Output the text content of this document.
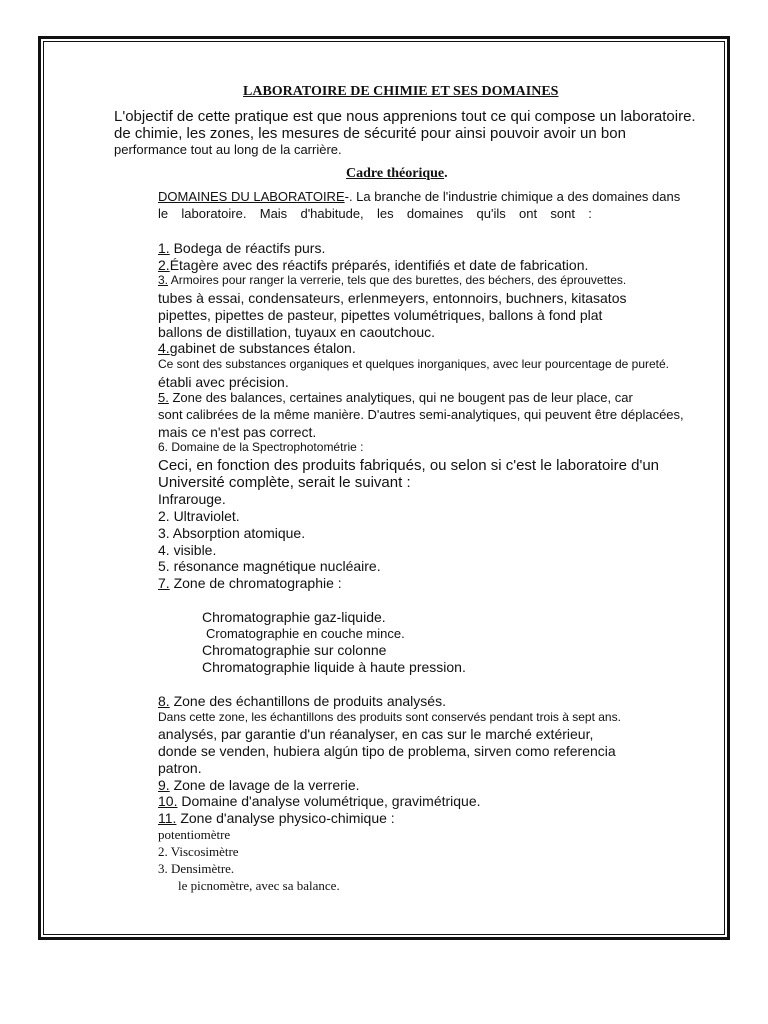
LABORATOIRE DE CHIMIE ET SES DOMAINES
L'objectif de cette pratique est que nous apprenions tout ce qui compose un laboratoire.
de chimie, les zones, les mesures de sécurité pour ainsi pouvoir avoir un bon
performance tout au long de la carrière.
Cadre théorique.
DOMAINES DU LABORATOIRE-. La branche de l'industrie chimique a des domaines dans
le laboratoire. Mais d'habitude, les domaines qu'ils ont sont :
1. Bodega de réactifs purs.
2.Étagère avec des réactifs préparés, identifiés et date de fabrication.
3. Armoires pour ranger la verrerie, tels que des burettes, des béchers, des éprouvettes.
tubes à essai, condensateurs, erlenmeyers, entonnoirs, buchners, kitasatos
pipettes, pipettes de pasteur, pipettes volumétriques, ballons à fond plat
ballons de distillation, tuyaux en caoutchouc.
4.gabinet de substances étalon.
Ce sont des substances organiques et quelques inorganiques, avec leur pourcentage de pureté.
établi avec précision.
5. Zone des balances, certaines analytiques, qui ne bougent pas de leur place, car
sont calibrées de la même manière. D'autres semi-analytiques, qui peuvent être déplacées,
mais ce n'est pas correct.
6. Domaine de la Spectrophotométrie :
Ceci, en fonction des produits fabriqués, ou selon si c'est le laboratoire d'un
Université complète, serait le suivant :
Infrarouge.
2. Ultraviolet.
3. Absorption atomique.
4. visible.
5. résonance magnétique nucléaire.
7. Zone de chromatographie :
Chromatographie gaz-liquide.
Cromatographie en couche mince.
Chromatographie sur colonne
Chromatographie liquide à haute pression.
8. Zone des échantillons de produits analysés.
Dans cette zone, les échantillons des produits sont conservés pendant trois à sept ans.
analysés, par garantie d'un réanalyser, en cas sur le marché extérieur,
donde se venden, hubiera algún tipo de problema, sirven como referencia
patron.
9. Zone de lavage de la verrerie.
10. Domaine d'analyse volumétrique, gravimétrique.
11. Zone d'analyse physico-chimique :
potentiomètre
2. Viscosimètre
3. Densimètre.
le picnomètre, avec sa balance.
